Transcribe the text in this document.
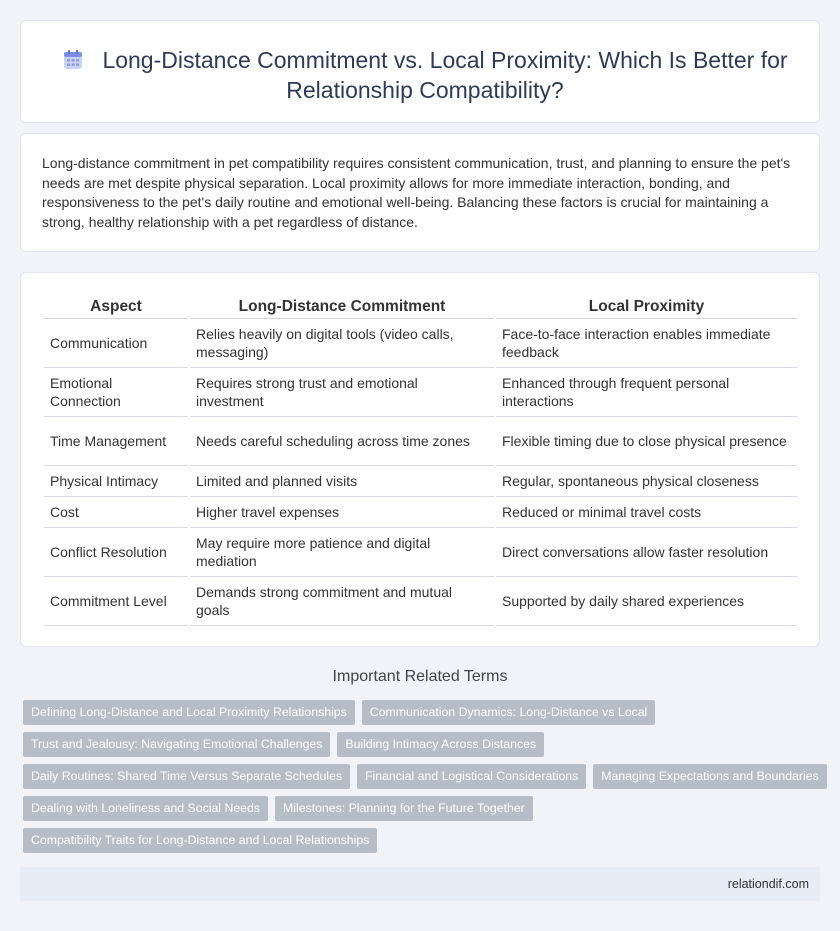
Long-Distance Commitment vs. Local Proximity: Which Is Better for Relationship Compatibility?

Long-distance commitment in pet compatibility requires consistent communication, trust, and planning to ensure the pet's needs are met despite physical separation. Local proximity allows for more immediate interaction, bonding, and responsiveness to the pet's daily routine and emotional well-being. Balancing these factors is crucial for maintaining a strong, healthy relationship with a pet regardless of distance.

Aspect	Long-Distance Commitment	Local Proximity
Communication	Relies heavily on digital tools (video calls, messaging)	Face-to-face interaction enables immediate feedback
Emotional Connection	Requires strong trust and emotional investment	Enhanced through frequent personal interactions
Time Management	Needs careful scheduling across time zones	Flexible timing due to close physical presence
Physical Intimacy	Limited and planned visits	Regular, spontaneous physical closeness
Cost	Higher travel expenses	Reduced or minimal travel costs
Conflict Resolution	May require more patience and digital mediation	Direct conversations allow faster resolution
Commitment Level	Demands strong commitment and mutual goals	Supported by daily shared experiences
Important Related Terms
Defining Long-Distance and Local Proximity Relationships	Communication Dynamics: Long-Distance vs Local
Trust and Jealousy: Navigating Emotional Challenges	Building Intimacy Across Distances
Daily Routines: Shared Time Versus Separate Schedules	Financial and Logistical Considerations	Managing Expectations and Boundaries
Dealing with Loneliness and Social Needs	Milestones: Planning for the Future Together
Compatibility Traits for Long-Distance and Local Relationships
relationdif.com
